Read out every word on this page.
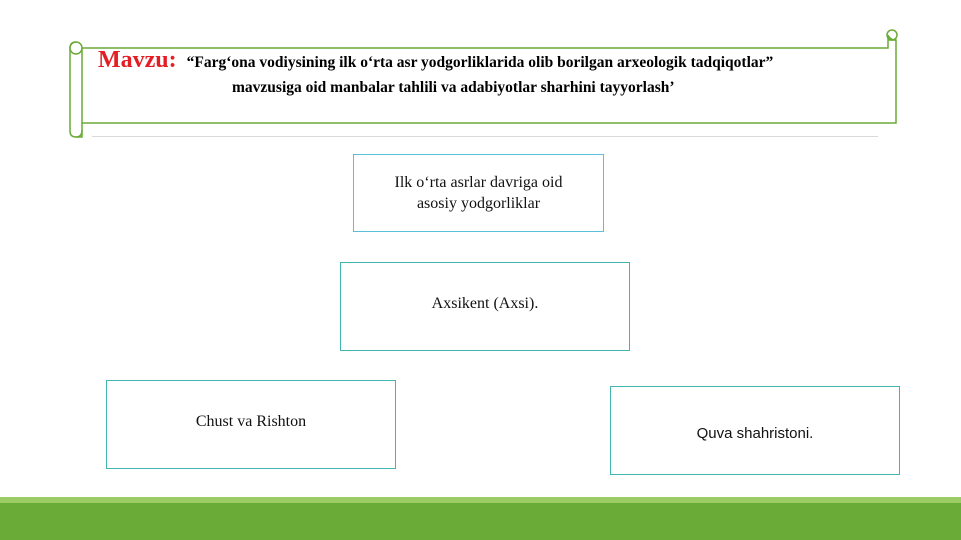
Mavzu: “Farg‘ona vodiysining ilk o‘rta asr yodgorliklarida olib borilgan arxeologik tadqiqotlar”
mavzusiga oid manbalar tahlili va adabiyotlar sharhini tayyorlash’
Ilk o‘rta asrlar davriga oid asosiy yodgorliklar
Axsikent (Axsi).
Chust va Rishton
Quva shahristoni.
